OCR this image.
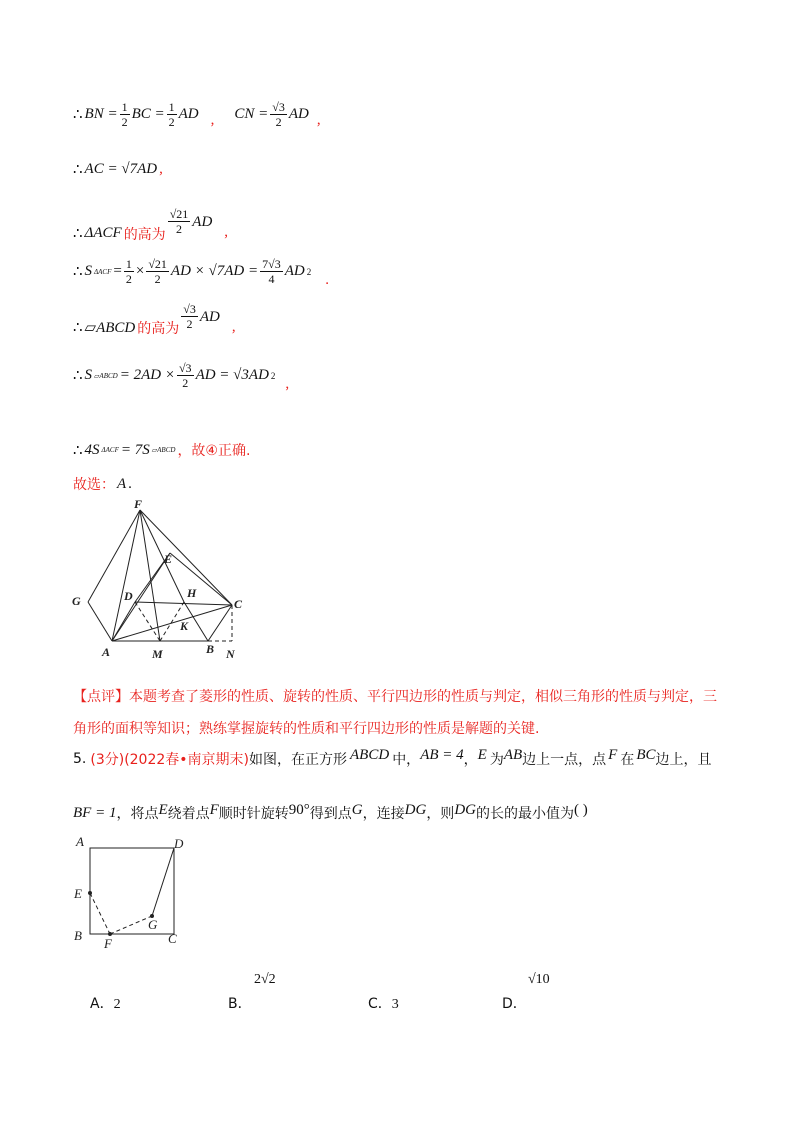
∴ BN = $\frac{1}{2}$ BC = $\frac{1}{2}$ AD , CN = $\frac{√3}{2}$ AD ,
∴ AC = √7AD ,
∴ ΔACF 的高为 $\frac{√21}{2}$ AD
,
∴ S $\Delta ACF = \frac{1}{2} \times \frac{√21}{2}$ AD × $√7AD = \frac{7√3}{4}$ AD 2
.
∴ ▱ABCD 的高为 $\frac{√3}{2}$ AD
,
∴ S ▱ABCD = $2AD \times \frac{√3}{2}$ AD = √3AD 2
,
∴ 4S ΔACF = 7S ▱ABCD ，故④正确.
故选： A .
F
E
G	D	H
C
K
A	M	B N
【点评】本题考查了菱形的性质、旋转的性质、平行四边形的性质与判定，相似三角形的性质与判定，三
角形的面积等知识；熟练掌握旋转的性质和平行四边形的性质是解题的关键.
5. (3分)(2022春•南京期末) 如图，在正方形 ABCD 中， AB = 4 ， E 为 AB 边上一点，点 F 在 BC 边上，且
BF = 1 ，将点 E 绕着点 F 顺时针旋转 90° 得到点 G ，连接 DG ，则 DG 的长的最小值为 ( )
A	D
E
G
B
F	C
A．2	B．
2√2
C．3	D．
√10
